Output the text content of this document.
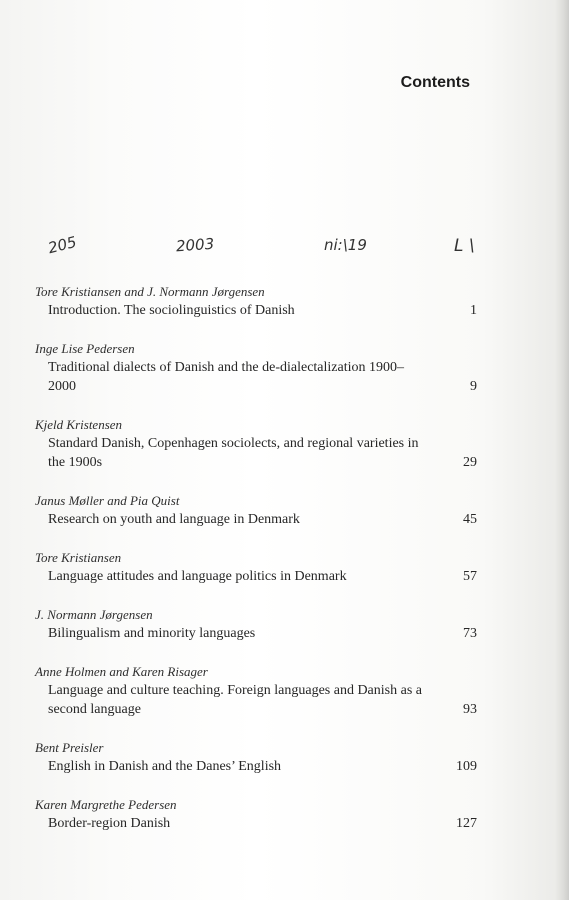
Contents
205	2003	ni:\19	L \

Tore Kristiansen and J. Normann Jørgensen

Introduction. The sociolinguistics of Danish	1

Inge Lise Pedersen

Traditional dialects of Danish and the de-dialectalization 1900–2000	9

Kjeld Kristensen

Standard Danish, Copenhagen sociolects, and regional varieties in the 1900s	29

Janus Møller and Pia Quist

Research on youth and language in Denmark	45

Tore Kristiansen

Language attitudes and language politics in Denmark	57

J. Normann Jørgensen

Bilingualism and minority languages	73

Anne Holmen and Karen Risager

Language and culture teaching. Foreign languages and Danish as a second language	93

Bent Preisler

English in Danish and the Danes’ English	109

Karen Margrethe Pedersen

Border-region Danish	127
